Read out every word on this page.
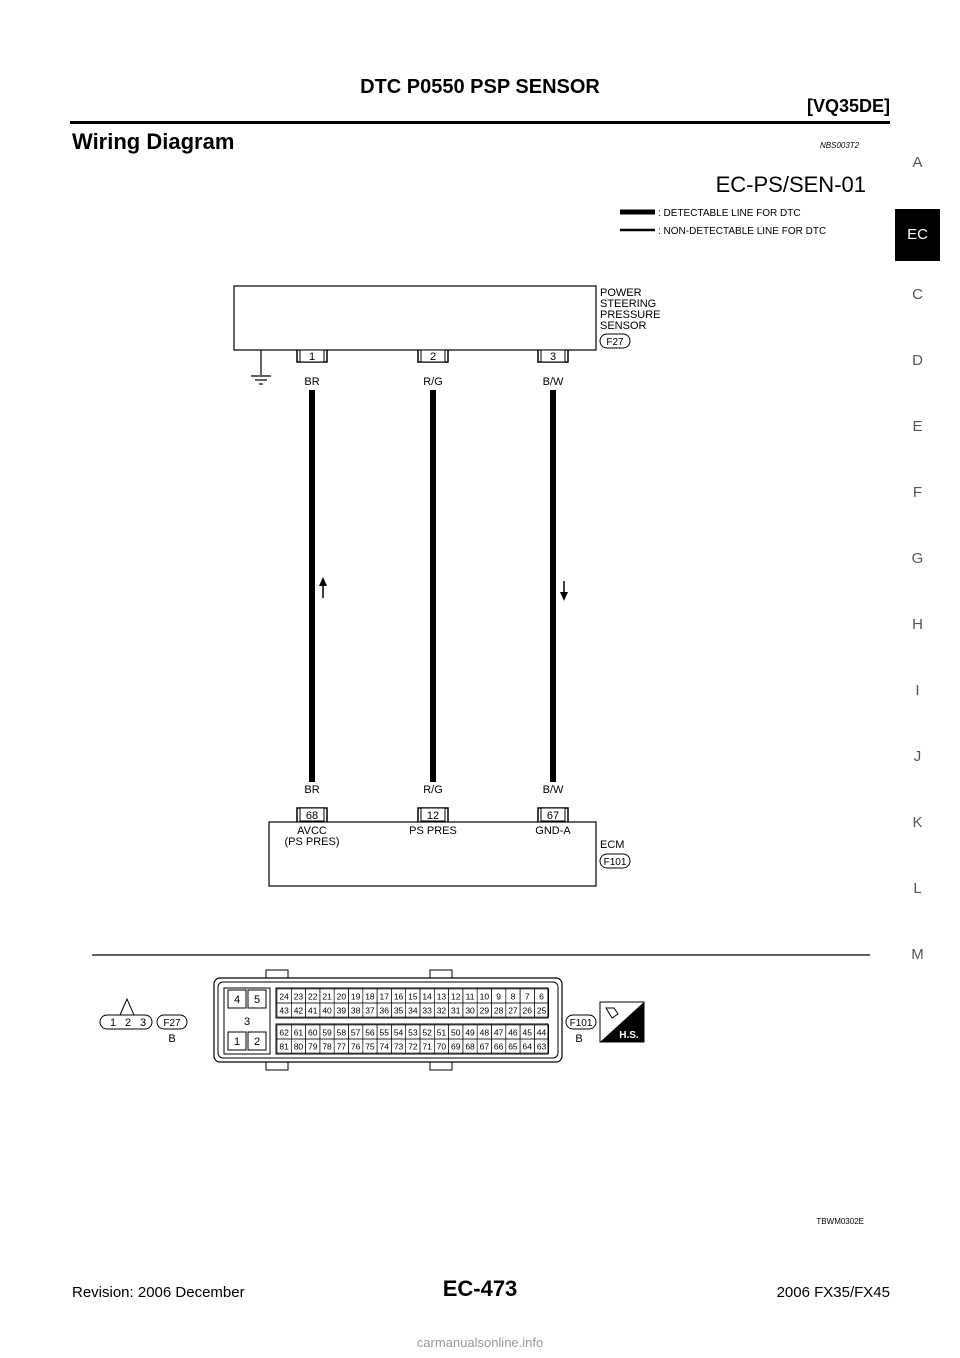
DTC P0550 PSP SENSOR
[VQ35DE]
Wiring Diagram	NBS003T2
A
EC
C
D
E
F
G
H
I
J
K
L
M
EC-PS/SEN-01
: DETECTABLE LINE FOR DTC
: NON-DETECTABLE LINE FOR DTC
POWER
STEERING
PRESSURE
SENSOR
F27
1	2	3
BR	R/G	B/W
BR	R/G	B/W
68	12	67
AVCC
(PS PRES)
PS PRES	GND-A
ECM
F101
1 2 3 F27
B
4 5
3
1 2
24 23 22 21 20 19 18 17 16 15 14 13 12 11 10 9 8 7 6
43 42 41 40 39 38 37 36 35 34 33 32 31 30 29 28 27 26 25
62 61 60 59 58 57 56 55 54 53 52 51 50 49 48 47 46 45 44
81 80 79 78 77 76 75 74 73 72 71 70 69 68 67 66 65 64 63
F101
B	H.S.
TBWM0302E
Revision: 2006 December	EC-473	2006 FX35/FX45
carmanualsonline.info
